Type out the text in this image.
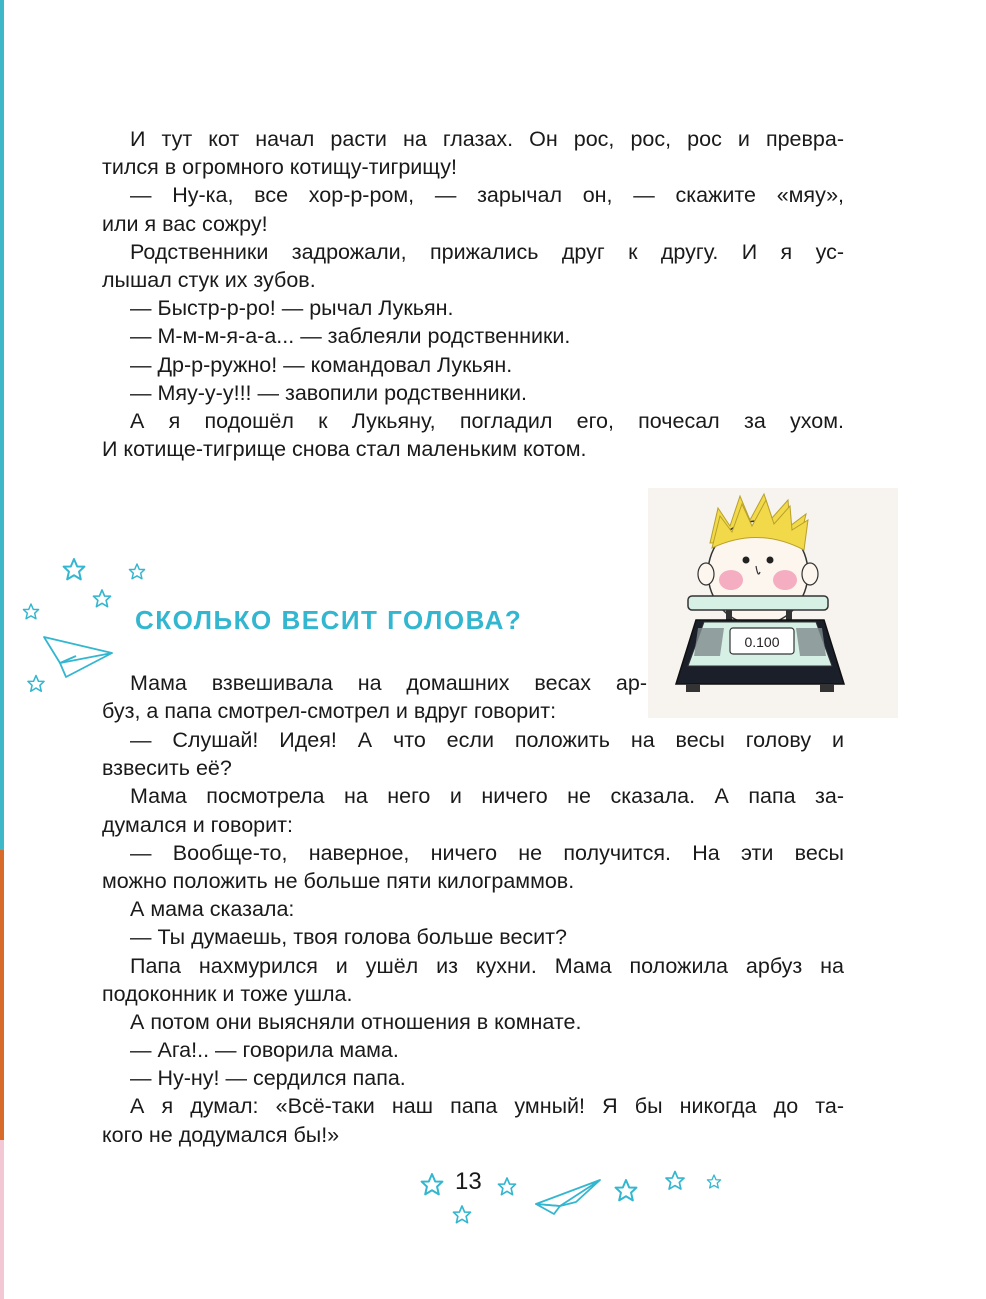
И тут кот начал расти на глазах. Он рос, рос, рос и превра-
тился в огромного котищу-тигрищу!
— Ну-ка, все хор-р-ром, — зарычал он, — скажите «мяу»,
или я вас сожру!
Родственники задрожали, прижались друг к другу. И я ус-
лышал стук их зубов.
— Быстр-р-ро! — рычал Лукьян.
— М-м-м-я-а-а... — заблеяли родственники.
— Др-р-ружно! — командовал Лукьян.
— Мяу-у-у!!! — завопили родственники.
А я подошёл к Лукьяну, погладил его, почесал за ухом.
И котище-тигрище снова стал маленьким котом.
СКОЛЬКО ВЕСИТ ГОЛОВА?
0.100
Мама взвешивала на домашних весах ар-
буз, а папа смотрел-смотрел и вдруг говорит:
— Слушай! Идея! А что если положить на весы голову и
взвесить её?
Мама посмотрела на него и ничего не сказала. А папа за-
думался и говорит:
— Вообще-то, наверное, ничего не получится. На эти весы
можно положить не больше пяти килограммов.
А мама сказала:
— Ты думаешь, твоя голова больше весит?
Папа нахмурился и ушёл из кухни. Мама положила арбуз на
подоконник и тоже ушла.
А потом они выясняли отношения в комнате.
— Ага!.. — говорила мама.
— Ну-ну! — сердился папа.
А я думал: «Всё-таки наш папа умный! Я бы никогда до та-
кого не додумался бы!»
13
